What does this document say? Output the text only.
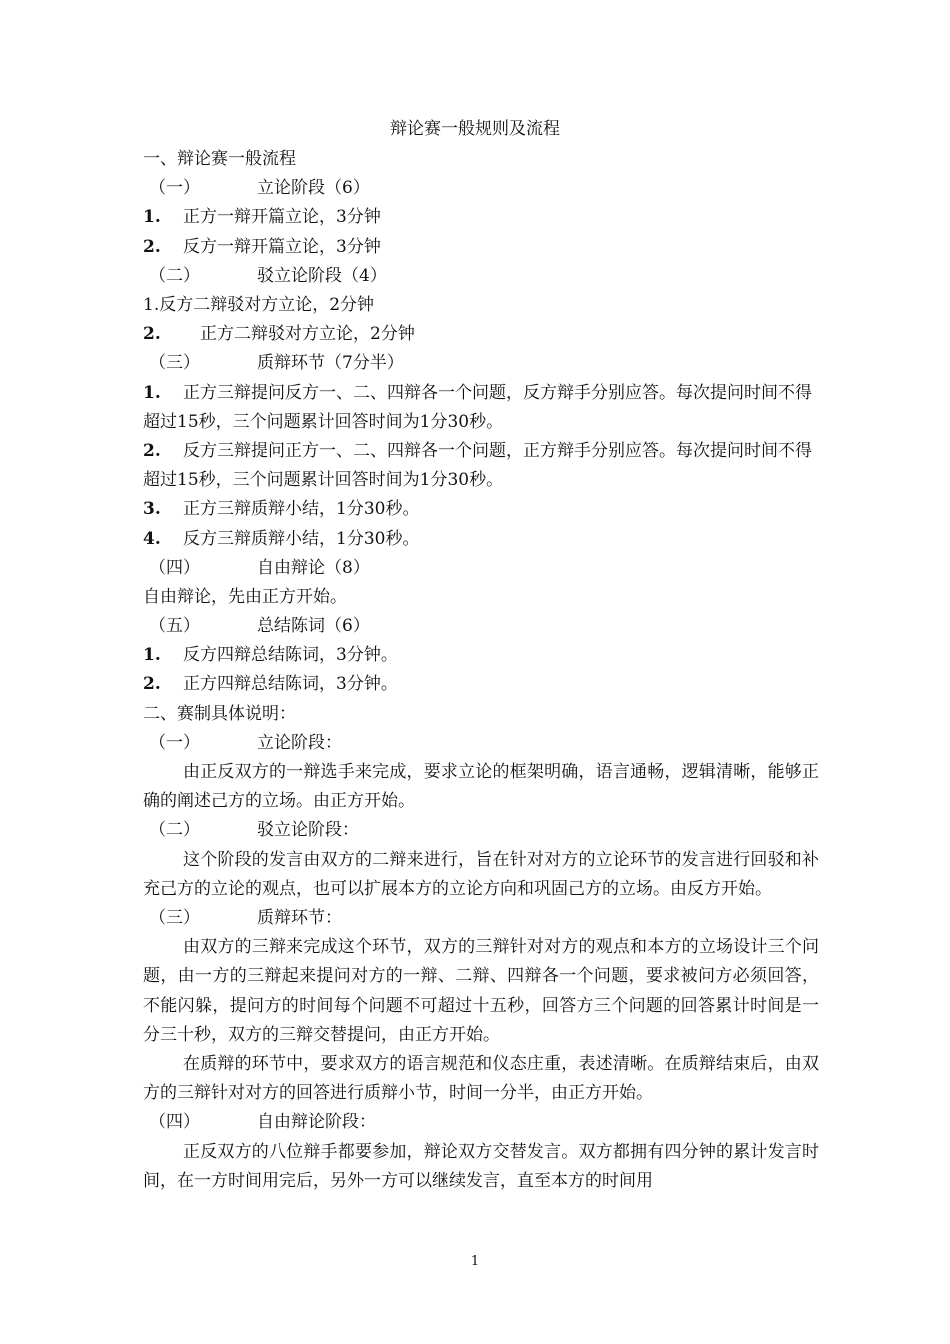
辩论赛一般规则及流程
一、辩论赛一般流程
（一）	立论阶段（6）
1. 正方一辩开篇立论，3分钟
2. 反方一辩开篇立论，3分钟
（二）	驳立论阶段（4）
1.反方二辩驳对方立论，2分钟
2. 正方二辩驳对方立论，2分钟
（三）	质辩环节（7分半）
1. 正方三辩提问反方一、二、四辩各一个问题，反方辩手分别应答。每次提问时间不得超过15秒，三个问题累计回答时间为1分30秒。
2. 反方三辩提问正方一、二、四辩各一个问题，正方辩手分别应答。每次提问时间不得超过15秒，三个问题累计回答时间为1分30秒。
3. 正方三辩质辩小结，1分30秒。
4. 反方三辩质辩小结，1分30秒。
（四）	自由辩论（8）
自由辩论，先由正方开始。
（五）	总结陈词（6）
1. 反方四辩总结陈词，3分钟。
2. 正方四辩总结陈词，3分钟。
二、赛制具体说明：
（一）	立论阶段：
由正反双方的一辩选手来完成，要求立论的框架明确，语言通畅，逻辑清晰，能够正确的阐述己方的立场。由正方开始。
（二）	驳立论阶段：
这个阶段的发言由双方的二辩来进行，旨在针对对方的立论环节的发言进行回驳和补充己方的立论的观点，也可以扩展本方的立论方向和巩固己方的立场。由反方开始。
（三）	质辩环节：
由双方的三辩来完成这个环节，双方的三辩针对对方的观点和本方的立场设计三个问题，由一方的三辩起来提问对方的一辩、二辩、四辩各一个问题，要求被问方必须回答，不能闪躲，提问方的时间每个问题不可超过十五秒，回答方三个问题的回答累计时间是一分三十秒，双方的三辩交替提问，由正方开始。
在质辩的环节中，要求双方的语言规范和仪态庄重，表述清晰。在质辩结束后，由双方的三辩针对对方的回答进行质辩小节，时间一分半，由正方开始。
（四）	自由辩论阶段：
正反双方的八位辩手都要参加，辩论双方交替发言。双方都拥有四分钟的累计发言时间，在一方时间用完后，另外一方可以继续发言，直至本方的时间用
1
